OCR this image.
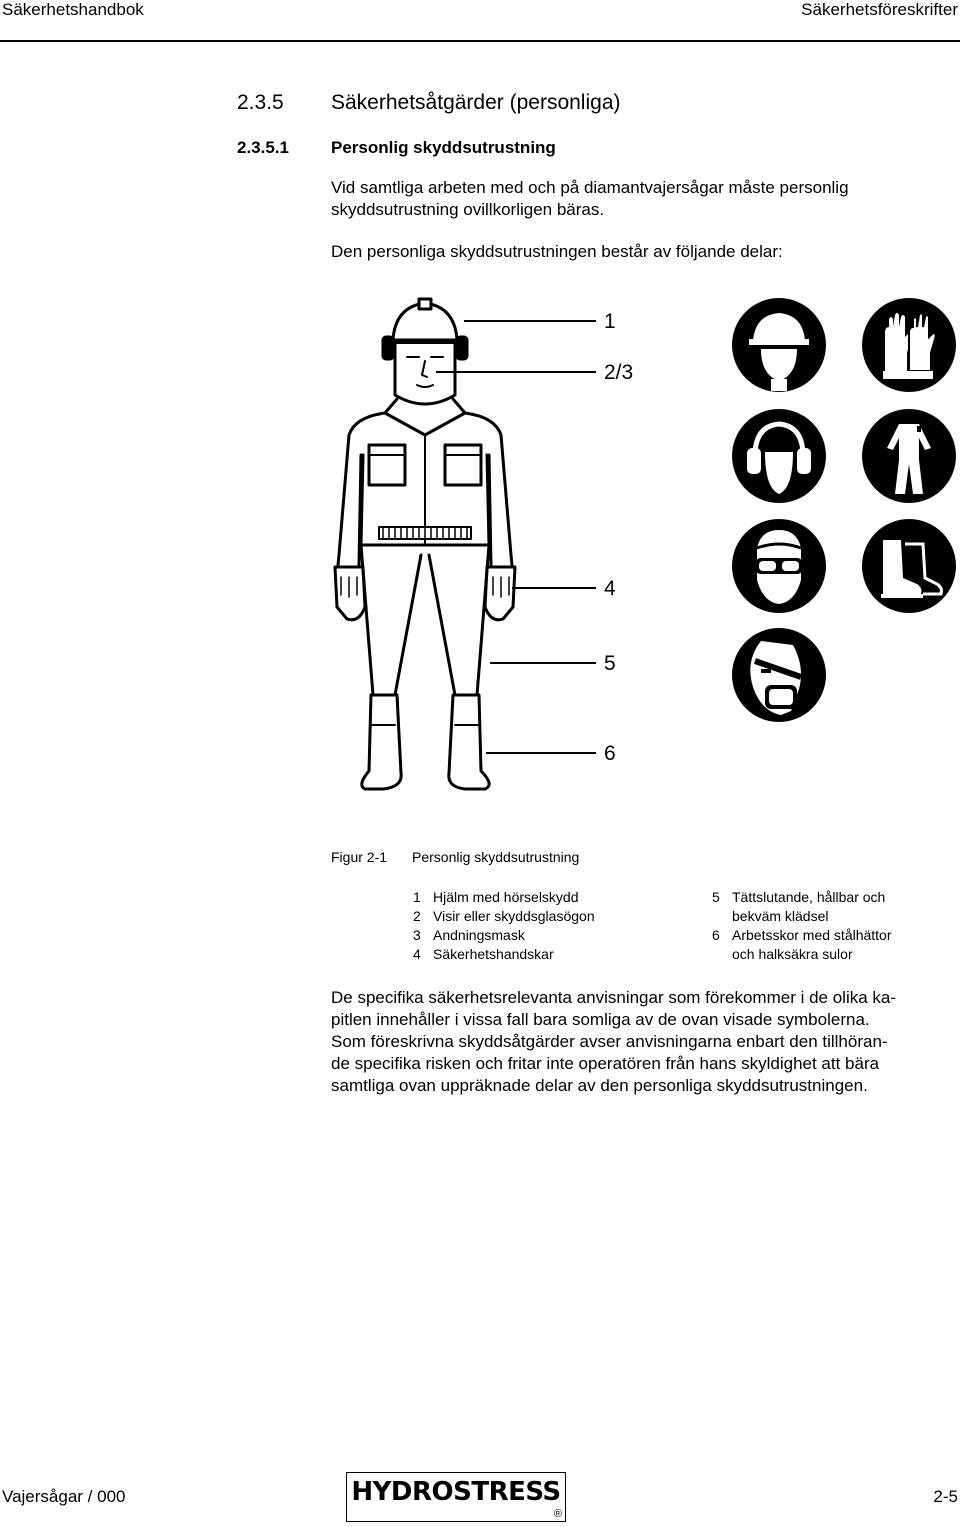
Säkerhetshandbok	Säkerhetsföreskrifter
2.3.5 Säkerhetsåtgärder (personliga)
2.3.5.1 Personlig skyddsutrustning
Vid samtliga arbeten med och på diamantvajersågar måste personlig
skyddsutrustning ovillkorligen bäras.
Den personliga skyddsutrustningen består av följande delar:
1
2/3
4
5
6
Figur 2-1 Personlig skyddsutrustning
1 Hjälm med hörselskydd
2 Visir eller skyddsglasögon
3 Andningsmask
4 Säkerhetshandskar
5 Tättslutande, hållbar och
bekväm klädsel
6 Arbetsskor med stålhättor
och halksäkra sulor
De specifika säkerhetsrelevanta anvisningar som förekommer i de olika ka-
pitlen innehåller i vissa fall bara somliga av de ovan visade symbolerna.
Som föreskrivna skyddsåtgärder avser anvisningarna enbart den tillhöran-
de specifika risken och fritar inte operatören från hans skyldighet att bära
samtliga ovan uppräknade delar av den personliga skyddsutrustningen.
Vajersågar / 000	HYDROSTRESS
®
2-5
